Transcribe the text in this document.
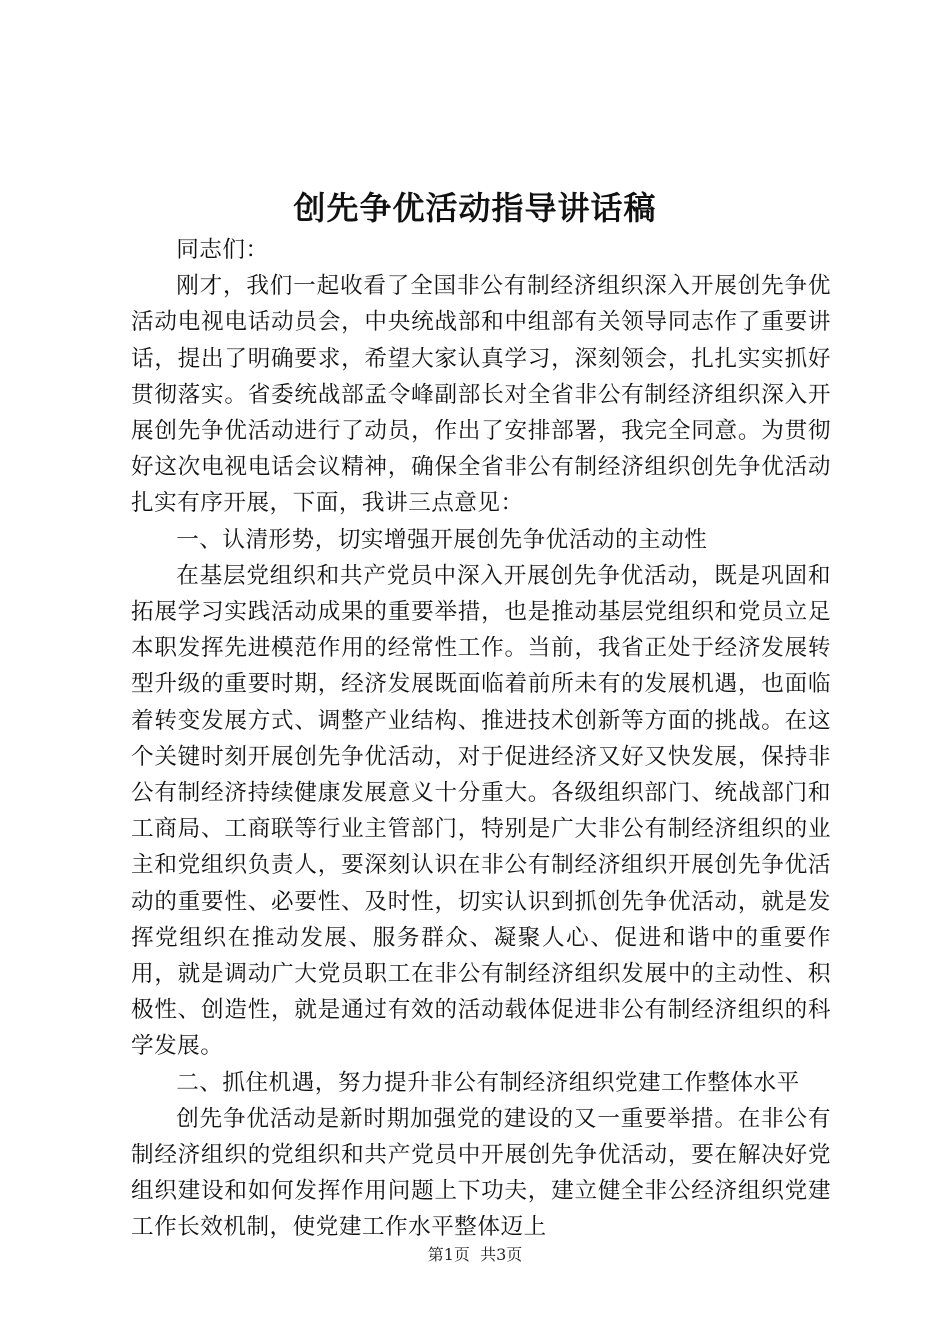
创先争优活动指导讲话稿

同志们：

刚才，我们一起收看了全国非公有制经济组织深入开展创先争优活动电视电话动员会，中央统战部和中组部有关领导同志作了重要讲话，提出了明确要求，希望大家认真学习，深刻领会，扎扎实实抓好贯彻落实。省委统战部孟令峰副部长对全省非公有制经济组织深入开展创先争优活动进行了动员，作出了安排部署，我完全同意。为贯彻好这次电视电话会议精神，确保全省非公有制经济组织创先争优活动扎实有序开展，下面，我讲三点意见：

一、认清形势，切实增强开展创先争优活动的主动性

在基层党组织和共产党员中深入开展创先争优活动，既是巩固和拓展学习实践活动成果的重要举措，也是推动基层党组织和党员立足本职发挥先进模范作用的经常性工作。当前，我省正处于经济发展转型升级的重要时期，经济发展既面临着前所未有的发展机遇，也面临着转变发展方式、调整产业结构、推进技术创新等方面的挑战。在这个关键时刻开展创先争优活动，对于促进经济又好又快发展，保持非公有制经济持续健康发展意义十分重大。各级组织部门、统战部门和工商局、工商联等行业主管部门，特别是广大非公有制经济组织的业主和党组织负责人，要深刻认识在非公有制经济组织开展创先争优活动的重要性、必要性、及时性，切实认识到抓创先争优活动，就是发挥党组织在推动发展、服务群众、凝聚人心、促进和谐中的重要作用，就是调动广大党员职工在非公有制经济组织发展中的主动性、积极性、创造性，就是通过有效的活动载体促进非公有制经济组织的科学发展。

二、抓住机遇，努力提升非公有制经济组织党建工作整体水平

创先争优活动是新时期加强党的建设的又一重要举措。在非公有制经济组织的党组织和共产党员中开展创先争优活动，要在解决好党组织建设和如何发挥作用问题上下功夫，建立健全非公经济组织党建工作长效机制，使党建工作水平整体迈上

第1页  共3页
